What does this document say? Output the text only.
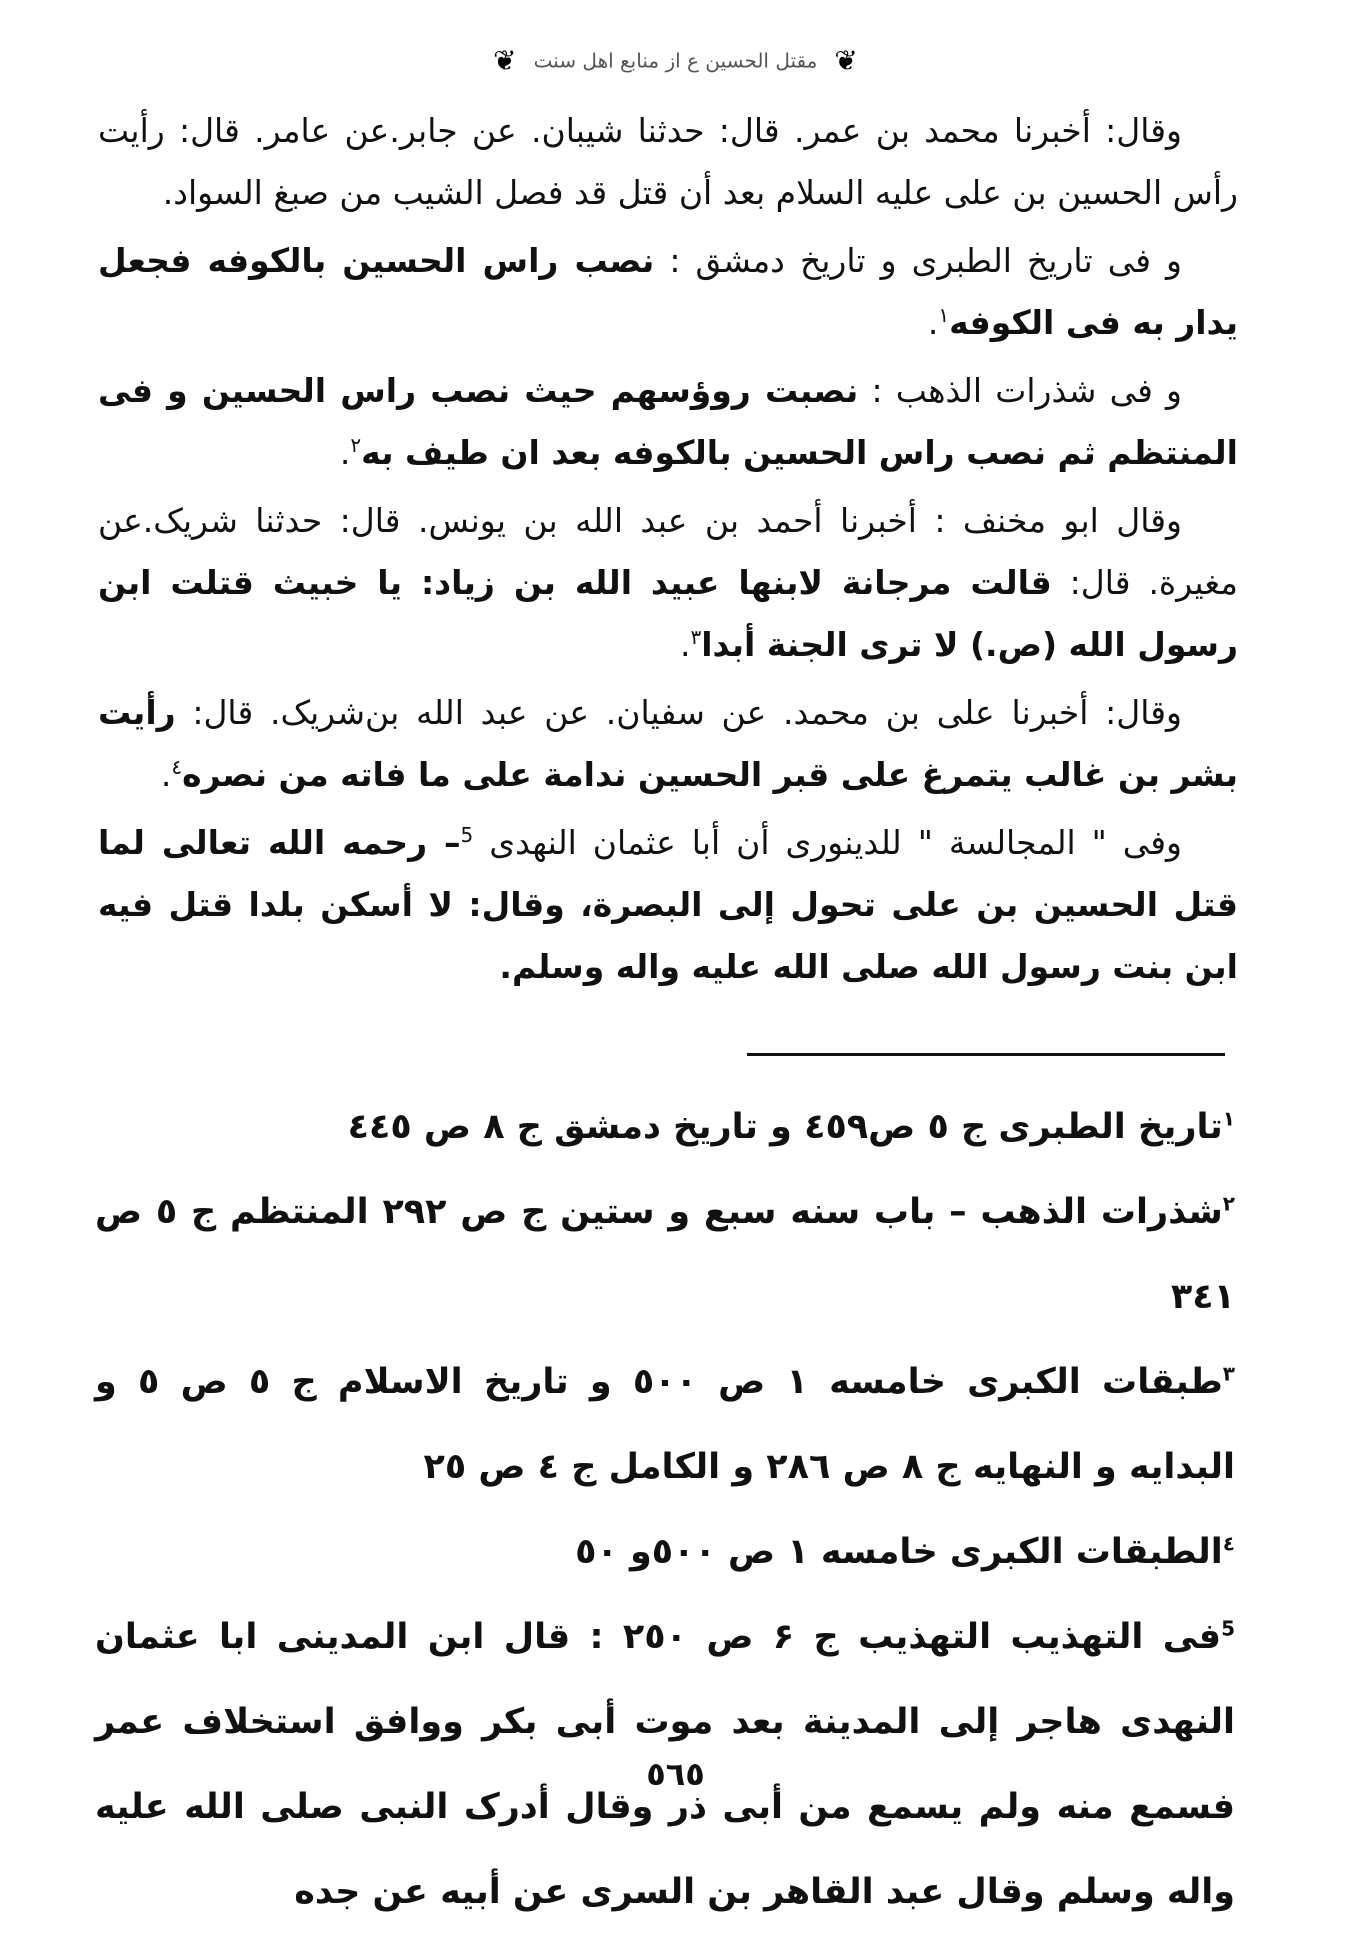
❦ مقتل الحسین ع از منابع اهل سنت ❦

وقال: أخبرنا محمد بن عمر. قال: حدثنا شيبان. عن جابر.عن عامر. قال: رأيت رأس الحسين بن على عليه السلام بعد أن قتل قد فصل الشيب من صبغ السواد.

و فى تاريخ الطبرى و تاريخ دمشق : نصب راس الحسين بالكوفه فجعل يدار به فى الكوفه$^١$.

و فى شذرات الذهب : نصبت روؤسهم حيث نصب راس الحسين و فى المنتظم ثم نصب راس الحسين بالكوفه بعد ان طيف به$^٢$.

وقال ابو مخنف : أخبرنا أحمد بن عبد الله بن يونس. قال: حدثنا شريک.عن مغيرة. قال: قالت مرجانة لابنها عبيد الله بن زياد: يا خبيث قتلت ابن رسول الله (ص.) لا ترى الجنة أبدا$^٣$.

وقال: أخبرنا على بن محمد. عن سفيان. عن عبد الله بن‌شريک. قال: رأيت بشر بن غالب يتمرغ على قبر الحسين ندامة على ما فاته من نصره$^٤$.

وفى " المجالسة " للدينورى أن أبا عثمان النهدى $^5$– رحمه الله تعالى لما قتل الحسين بن على تحول إلى البصرة، وقال: لا أسكن بلدا قتل فيه ابن بنت رسول الله صلى الله عليه واله وسلم.

$^١$تاريخ الطبرى ج ٥ ص٤٥٩ و تاريخ دمشق ج ٨ ص ٤٤٥

$^٢$شذرات الذهب – باب سنه سبع و ستين ج ص ٢٩٢ المنتظم ج ٥ ص ٣٤١

$^٣$طبقات الكبرى خامسه ١ ص ٥٠٠ و تاريخ الاسلام ج ٥ ص ٥ و البدايه و النهايه ج ٨ ص ٢٨٦ و الكامل ج ٤ ص ٢٥

$^٤$الطبقات الكبرى خامسه ١ ص ٥٠٠و ٥٠

$^5$فى التهذيب التهذيب ج ۶ ص ٢٥٠ : قال ابن المدينى ابا عثمان النهدى هاجر إلى المدينة بعد موت أبى بكر ووافق استخلاف عمر فسمع منه ولم يسمع من أبى ذر وقال أدرک النبى صلى الله عليه واله وسلم وقال عبد القاهر بن السرى عن أبيه عن جده

٥٦٥
